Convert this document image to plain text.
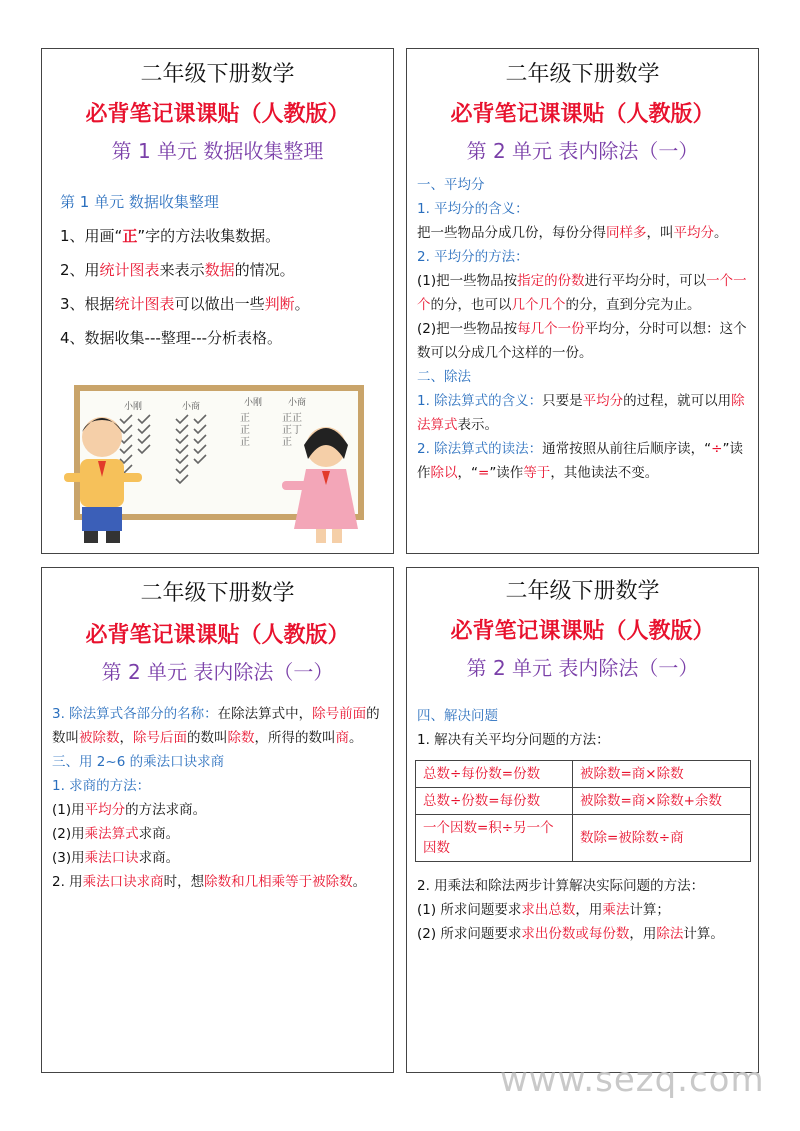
二年级下册数学
必背笔记课课贴（人教版）
第 1 单元 数据收集整理

第 1 单元 数据收集整理

1、用画“正”字的方法收集数据。

2、用统计图表来表示数据的情况。

3、根据统计图表可以做出一些判断。

4、数据收集---整理---分析表格。

小刚	小商	小刚	小商
正
正
正
正正
正丁
正
二年级下册数学
必背笔记课课贴（人教版）
第 2 单元 表内除法（一）

一、平均分

1. 平均分的含义：

把一些物品分成几份，每份分得同样多，叫平均分。

2. 平均分的方法：

(1)把一些物品按指定的份数进行平均分时，可以一个一个的分，也可以几个几个的分，直到分完为止。

(2)把一些物品按每几个一份平均分，分时可以想：这个数可以分成几个这样的一份。

二、除法

1. 除法算式的含义：只要是平均分的过程，就可以用除法算式表示。

2. 除法算式的读法：通常按照从前往后顺序读，“÷”读作除以，“=”读作等于，其他读法不变。

二年级下册数学
必背笔记课课贴（人教版）
第 2 单元 表内除法（一）

3. 除法算式各部分的名称：在除法算式中，除号前面的数叫被除数，除号后面的数叫除数，所得的数叫商。

三、用 2~6 的乘法口诀求商

1. 求商的方法：

(1)用平均分的方法求商。

(2)用乘法算式求商。

(3)用乘法口诀求商。

2. 用乘法口诀求商时，想除数和几相乘等于被除数。

二年级下册数学
必背笔记课课贴（人教版）
第 2 单元 表内除法（一）

四、解决问题

1. 解决有关平均分问题的方法：

总数÷每份数=份数	被除数=商×除数
总数÷份数=每份数	被除数=商×除数+余数
一个因数=积÷另一个因数	数除=被除数÷商

2. 用乘法和除法两步计算解决实际问题的方法：

(1) 所求问题要求求出总数，用乘法计算；

(2) 所求问题要求求出份数或每份数，用除法计算。

www.sezq.com
